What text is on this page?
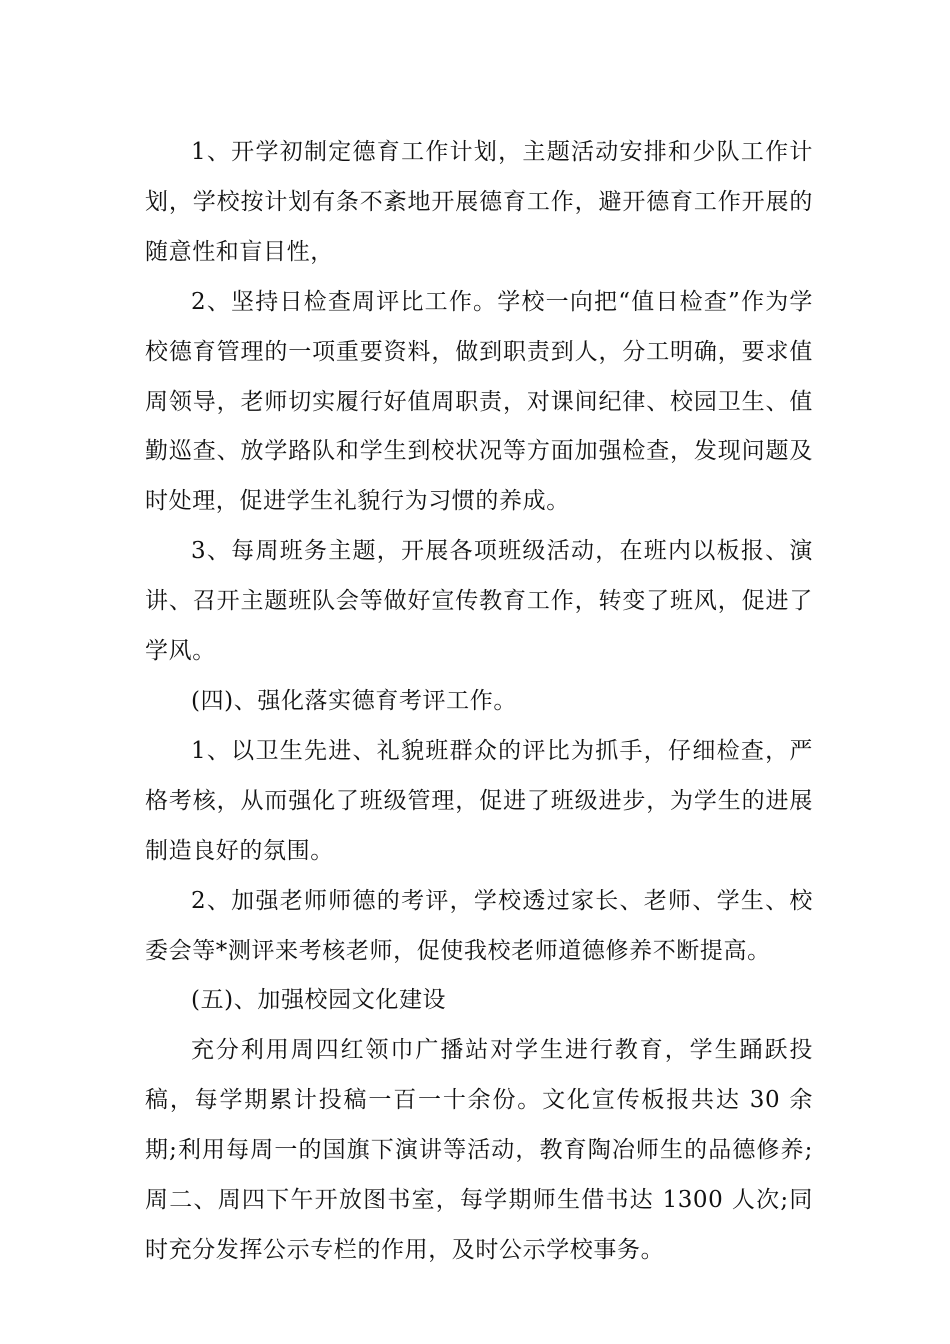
1、开学初制定德育工作计划，主题活动安排和少队工作计划，学校按计划有条不紊地开展德育工作，避开德育工作开展的随意性和盲目性，

2、坚持日检查周评比工作。学校一向把“值日检查”作为学校德育管理的一项重要资料，做到职责到人，分工明确，要求值周领导，老师切实履行好值周职责，对课间纪律、校园卫生、值勤巡查、放学路队和学生到校状况等方面加强检查，发现问题及时处理，促进学生礼貌行为习惯的养成。

3、每周班务主题，开展各项班级活动，在班内以板报、演讲、召开主题班队会等做好宣传教育工作，转变了班风，促进了学风。

(四)、强化落实德育考评工作。

1、以卫生先进、礼貌班群众的评比为抓手，仔细检查，严格考核，从而强化了班级管理，促进了班级进步，为学生的进展制造良好的氛围。

2、加强老师师德的考评，学校透过家长、老师、学生、校委会等*测评来考核老师，促使我校老师道德修养不断提高。

(五)、加强校园文化建设

充分利用周四红领巾广播站对学生进行教育，学生踊跃投稿，每学期累计投稿一百一十余份。文化宣传板报共达 30 余期;利用每周一的国旗下演讲等活动，教育陶冶师生的品德修养;周二、周四下午开放图书室，每学期师生借书达 1300 人次;同时充分发挥公示专栏的作用，及时公示学校事务。
